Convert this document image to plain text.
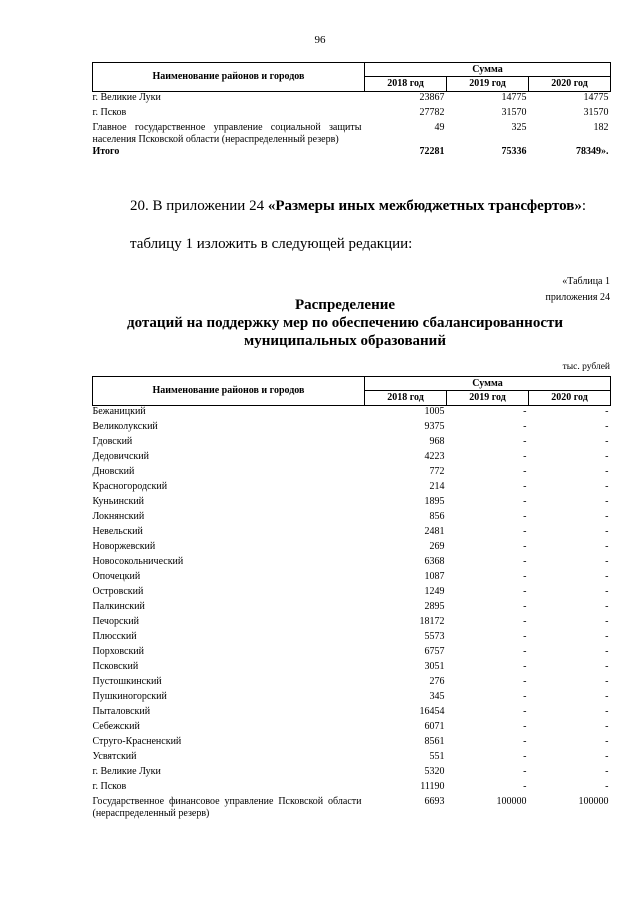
96
Наименование районов и городов	Сумма		
	2018 год	2019 год	2020 год
г. Великие Луки	23867	14775	14775
г. Псков	27782	31570	31570
Главное государственное управление социальной защиты населения Псковской области (нераспределенный резерв)	49	325	182
Итого	72281	75336	78349».
20. В приложении 24 «Размеры иных межбюджетных трансфертов»:
таблицу 1 изложить в следующей редакции:
«Таблица 1
приложения 24
Распределение
дотаций на поддержку мер по обеспечению сбалансированности
муниципальных образований
тыс. рублей
Наименование районов и городов	Сумма		
	2018 год	2019 год	2020 год
Бежаницкий	1005	-	-
Великолукский	9375	-	-
Гдовский	968	-	-
Дедовичский	4223	-	-
Дновский	772	-	-
Красногородский	214	-	-
Куньинский	1895	-	-
Локнянский	856	-	-
Невельский	2481	-	-
Новоржевский	269	-	-
Новосокольнический	6368	-	-
Опочецкий	1087	-	-
Островский	1249	-	-
Палкинский	2895	-	-
Печорский	18172	-	-
Плюсский	5573	-	-
Порховский	6757	-	-
Псковский	3051	-	-
Пустошкинский	276	-	-
Пушкиногорский	345	-	-
Пыталовский	16454	-	-
Себежский	6071	-	-
Струго-Красненский	8561	-	-
Усвятский	551	-	-
г. Великие Луки	5320	-	-
г. Псков	11190	-	-
Государственное финансовое управление Псковской области (нераспределенный резерв)	6693	100000	100000
